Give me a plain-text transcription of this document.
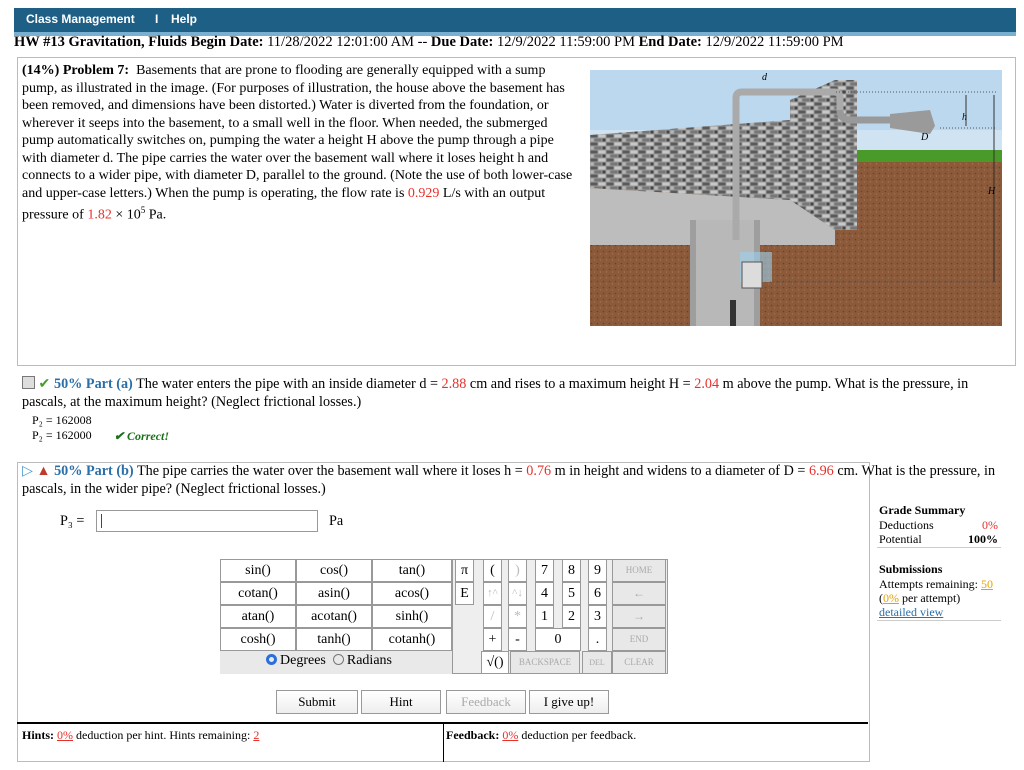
Class Management I Help
HW #13 Gravitation, Fluids Begin Date: 11/28/2022 12:01:00 AM -- Due Date: 12/9/2022 11:59:00 PM End Date: 12/9/2022 11:59:00 PM
(14%) Problem 7: Basements that are prone to flooding are generally equipped with a sump pump, as illustrated in the image. (For purposes of illustration, the house above the basement has been removed, and dimensions have been distorted.) Water is diverted from the foundation, or wherever it seeps into the basement, to a small well in the floor. When needed, the submerged pump automatically switches on, pumping the water a height H above the pump through a pipe with diameter d. The pipe carries the water over the basement wall where it loses height h and connects to a wider pipe, with diameter D, parallel to the ground. (Note the use of both lower-case and upper-case letters.) When the pump is operating, the flow rate is 0.929 L/s with an output pressure of $1.82 \times 10^5$ Pa.
d
h
D
H
✔ 50% Part (a) The water enters the pipe with an inside diameter d = 2.88 cm and rises to a maximum height H = 2.04 m above the pump. What is the pressure, in pascals, at the maximum height? (Neglect frictional losses.)
P₂ = 162008
P₂ = 162000 ✔ Correct!
▷ ▲ 50% Part (b) The pipe carries the water over the basement wall where it loses h = 0.76 m in height and widens to a diameter of D = 6.96 cm. What is the pressure, in pascals, in the wider pipe? (Neglect frictional losses.)
P₃ =	Pa
sin()	cos()	tan()
cotan()	asin()	acos()
atan()	acotan()	sinh()
cosh()	tanh()	cotanh()
Degrees Radians
π	(	)	7	8	9	HOME
E	↑^	^↓	4	5	6	←
/	*	1	2	3	→
+	-	0	.	END
√()	BACKSPACE	DEL	CLEAR
Submit	Hint	Feedback	I give up!
Hints: 0% deduction per hint. Hints remaining: 2	Feedback: 0% deduction per feedback.
Grade Summary
Deductions	0%
Potential	100%
Submissions
Attempts remaining: 50
(0% per attempt)
detailed view
